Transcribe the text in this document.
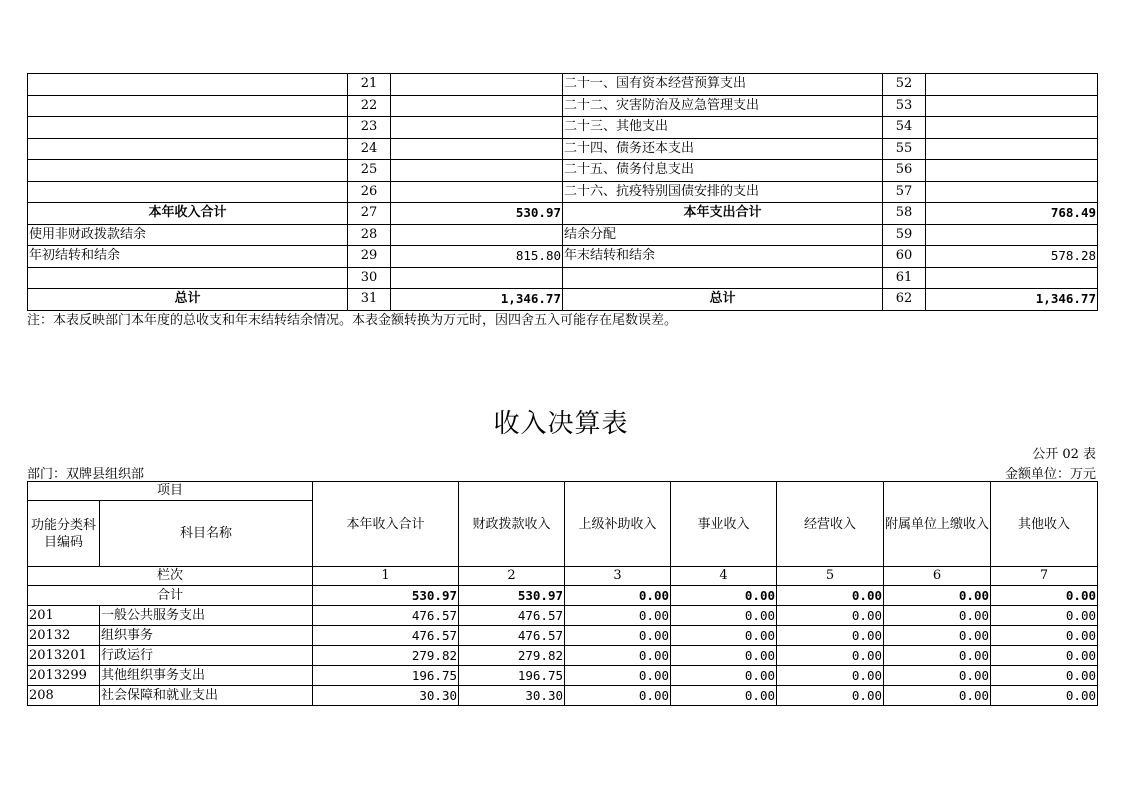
	21		二十一、国有资本经营预算支出	52	
	22		二十二、灾害防治及应急管理支出	53	
	23		二十三、其他支出	54	
	24		二十四、债务还本支出	55	
	25		二十五、债务付息支出	56	
	26		二十六、抗疫特别国债安排的支出	57	
本年收入合计	27	530.97	本年支出合计	58	768.49
使用非财政拨款结余	28		结余分配	59	
年初结转和结余	29	815.80	年末结转和结余	60	578.28
	30			61	
总计	31	1,346.77	总计	62	1,346.77
注：本表反映部门本年度的总收支和年末结转结余情况。本表金额转换为万元时，因四舍五入可能存在尾数误差。
收入决算表
公开 02 表
部门：双牌县组织部	金额单位：万元
项目		本年收入合计	财政拨款收入	上级补助收入	事业收入	经营收入	附属单位上缴收入	其他收入
功能分类科目编码	科目名称							
栏次		1	2	3	4	5	6	7
合计		530.97	530.97	0.00	0.00	0.00	0.00	0.00
201	一般公共服务支出	476.57	476.57	0.00	0.00	0.00	0.00	0.00
20132	组织事务	476.57	476.57	0.00	0.00	0.00	0.00	0.00
2013201	行政运行	279.82	279.82	0.00	0.00	0.00	0.00	0.00
2013299	其他组织事务支出	196.75	196.75	0.00	0.00	0.00	0.00	0.00
208	社会保障和就业支出	30.30	30.30	0.00	0.00	0.00	0.00	0.00
